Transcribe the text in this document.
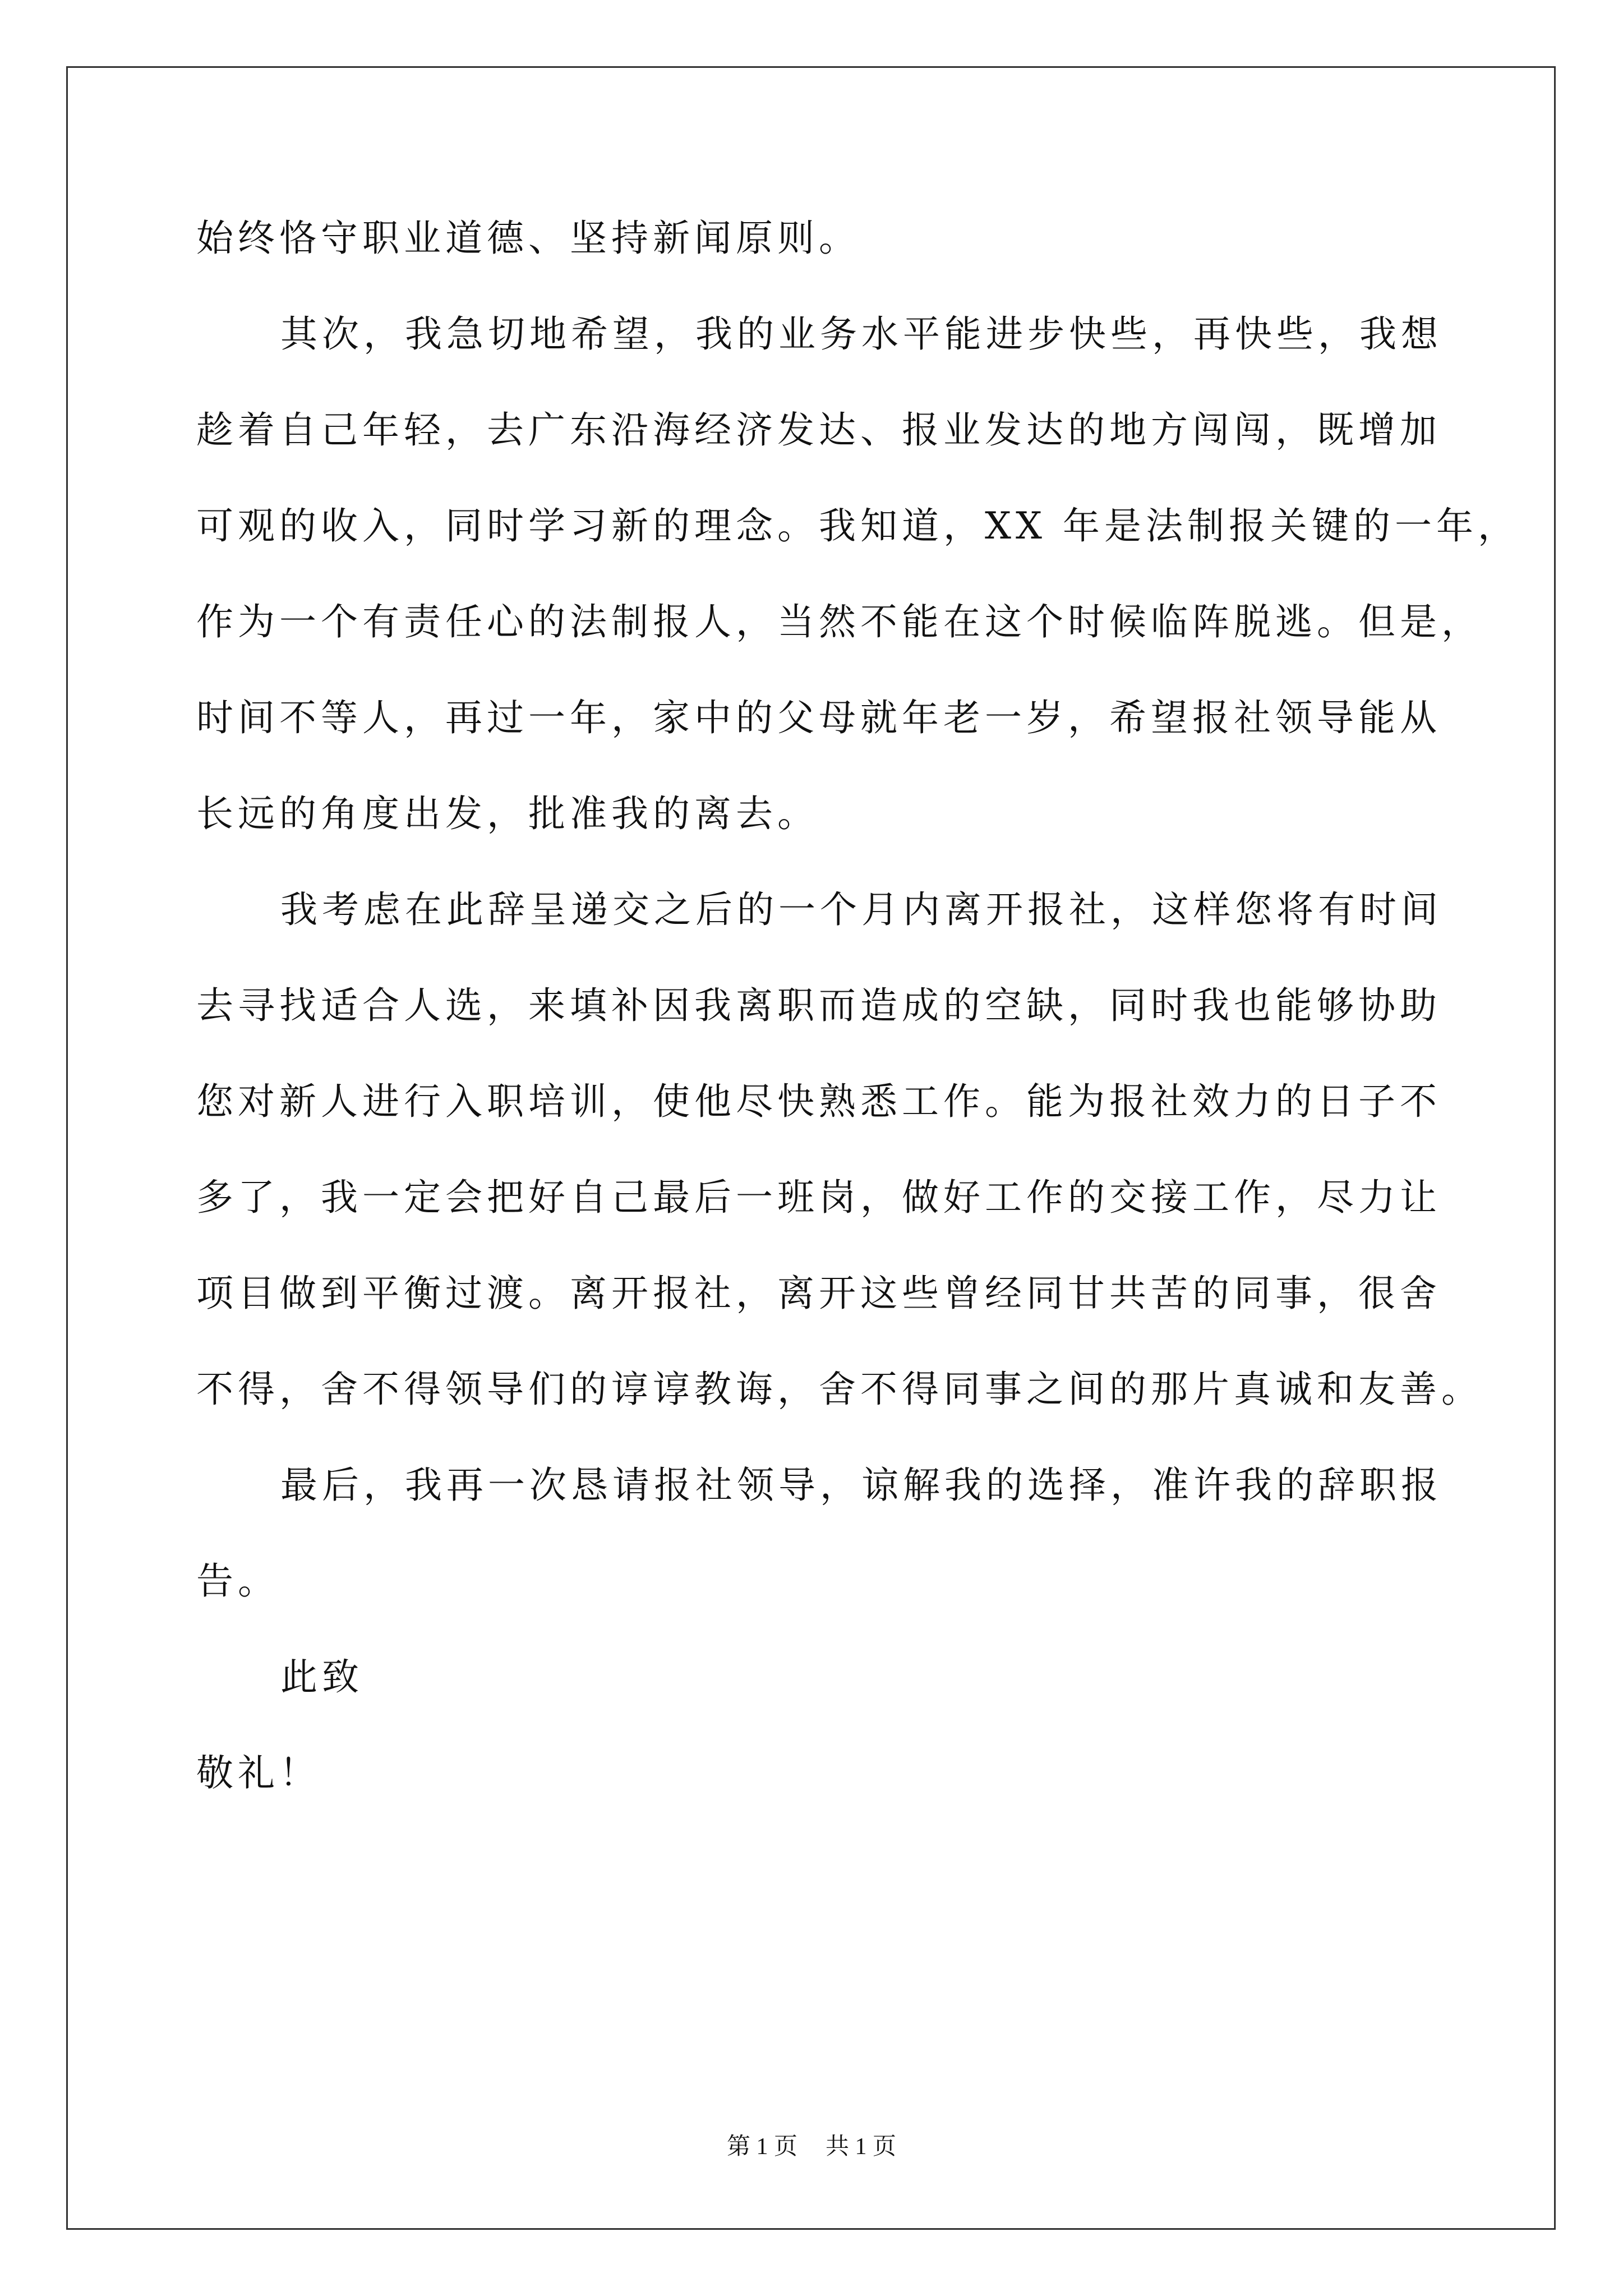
始终恪守职业道德、坚持新闻原则。
其次，我急切地希望，我的业务水平能进步快些，再快些，我想
趁着自己年轻，去广东沿海经济发达、报业发达的地方闯闯，既增加
可观的收入，同时学习新的理念。我知道，XX 年是法制报关键的一年，
作为一个有责任心的法制报人，当然不能在这个时候临阵脱逃。但是，
时间不等人，再过一年，家中的父母就年老一岁，希望报社领导能从
长远的角度出发，批准我的离去。
我考虑在此辞呈递交之后的一个月内离开报社，这样您将有时间
去寻找适合人选，来填补因我离职而造成的空缺，同时我也能够协助
您对新人进行入职培训，使他尽快熟悉工作。能为报社效力的日子不
多了，我一定会把好自己最后一班岗，做好工作的交接工作，尽力让
项目做到平衡过渡。离开报社，离开这些曾经同甘共苦的同事，很舍
不得，舍不得领导们的谆谆教诲，舍不得同事之间的那片真诚和友善。
最后，我再一次恳请报社领导，谅解我的选择，准许我的辞职报
告。
此致
敬礼！
第 1 页 共 1 页
